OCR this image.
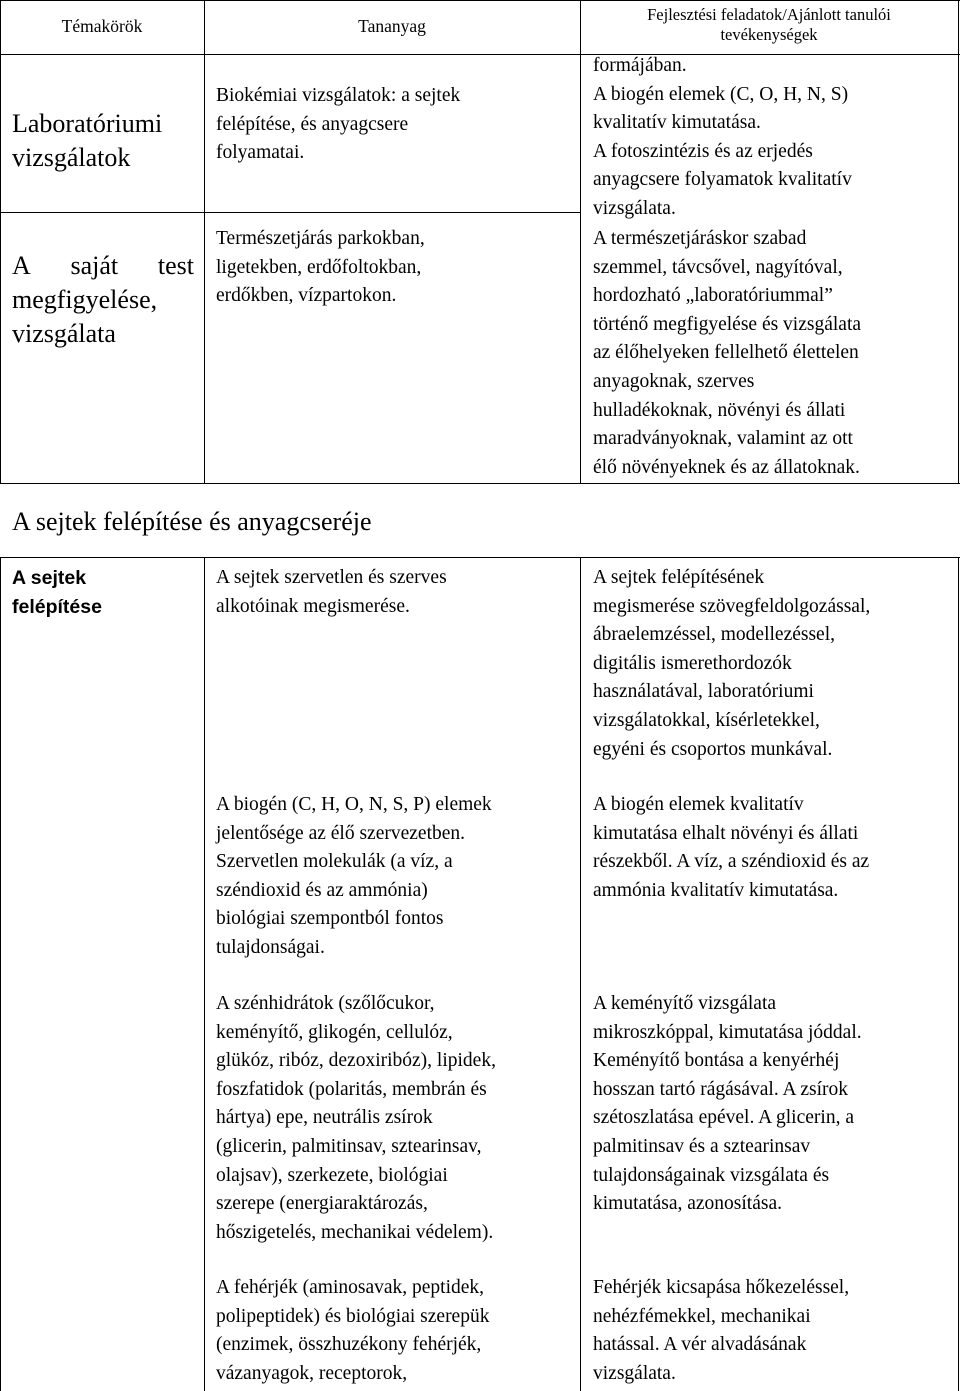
Témakörök	Tananyag
Fejlesztési feladatok/Ajánlott tanulói
tevékenységek
Laboratóriumi
vizsgálatok
Biokémiai vizsgálatok: a sejtek
felépítése, és anyagcsere
folyamatai.
formájában.
A biogén elemek (C, O, H, N, S)
kvalitatív kimutatása.
A fotoszintézis és az erjedés
anyagcsere folyamatok kvalitatív
vizsgálata.
A saját test
megfigyelése,
vizsgálata
Természetjárás parkokban,
ligetekben, erdőfoltokban,
erdőkben, vízpartokon.
A természetjáráskor szabad
szemmel, távcsővel, nagyítóval,
hordozható „laboratóriummal”
történő megfigyelése és vizsgálata
az élőhelyeken fellelhető élettelen
anyagoknak, szerves
hulladékoknak, növényi és állati
maradványoknak, valamint az ott
élő növényeknek és az állatoknak.
A sejtek felépítése és anyagcseréje
A sejtek
felépítése
A sejtek szervetlen és szerves
alkotóinak megismerése.
A sejtek felépítésének
megismerése szövegfeldolgozással,
ábraelemzéssel, modellezéssel,
digitális ismerethordozók
használatával, laboratóriumi
vizsgálatokkal, kísérletekkel,
egyéni és csoportos munkával.
A biogén (C, H, O, N, S, P) elemek
jelentősége az élő szervezetben.
Szervetlen molekulák (a víz, a
széndioxid és az ammónia)
biológiai szempontból fontos
tulajdonságai.
A biogén elemek kvalitatív
kimutatása elhalt növényi és állati
részekből. A víz, a széndioxid és az
ammónia kvalitatív kimutatása.
A szénhidrátok (szőlőcukor,
keményítő, glikogén, cellulóz,
glükóz, ribóz, dezoxiribóz), lipidek,
foszfatidok (polaritás, membrán és
hártya) epe, neutrális zsírok
(glicerin, palmitinsav, sztearinsav,
olajsav), szerkezete, biológiai
szerepe (energiaraktározás,
hőszigetelés, mechanikai védelem).
A keményítő vizsgálata
mikroszkóppal, kimutatása jóddal.
Keményítő bontása a kenyérhéj
hosszan tartó rágásával. A zsírok
szétoszlatása epével. A glicerin, a
palmitinsav és a sztearinsav
tulajdonságainak vizsgálata és
kimutatása, azonosítása.
A fehérjék (aminosavak, peptidek,
polipeptidek) és biológiai szerepük
(enzimek, összhuzékony fehérjék,
vázanyagok, receptorok,
Fehérjék kicsapása hőkezeléssel,
nehézfémekkel, mechanikai
hatással. A vér alvadásának
vizsgálata.
